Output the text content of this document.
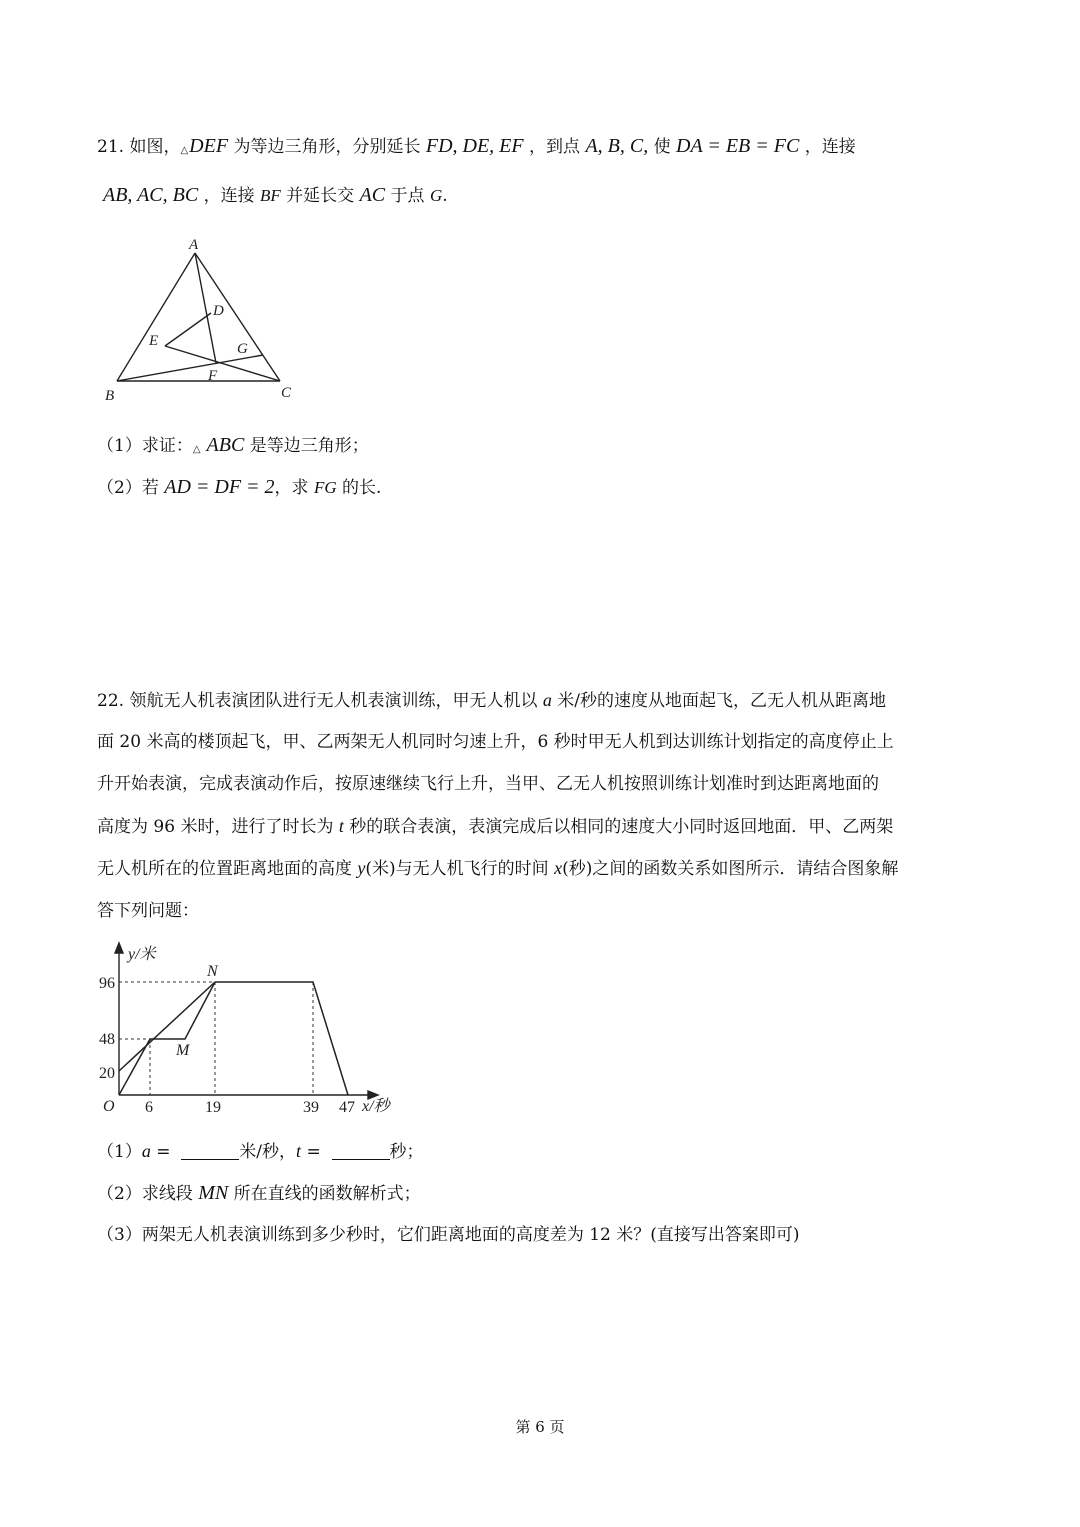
21. 如图，△DEF 为等边三角形，分别延长 FD, DE, EF ，到点 A, B, C, 使 DA = EB = FC ，连接
AB, AC, BC ，连接 BF 并延长交 AC 于点 G.
A
B	C
D
E
F
G
（1）求证：△ ABC 是等边三角形；
（2）若 AD = DF = 2，求 FG 的长.
22. 领航无人机表演团队进行无人机表演训练，甲无人机以 a 米/秒的速度从地面起飞，乙无人机从距离地
面 20 米高的楼顶起飞，甲、乙两架无人机同时匀速上升，6 秒时甲无人机到达训练计划指定的高度停止上
升开始表演，完成表演动作后，按原速继续飞行上升，当甲、乙无人机按照训练计划准时到达距离地面的
高度为 96 米时，进行了时长为 t 秒的联合表演，表演完成后以相同的速度大小同时返回地面．甲、乙两架
无人机所在的位置距离地面的高度 y(米)与无人机飞行的时间 x(秒)之间的函数关系如图所示．请结合图象解
答下列问题：
y/米
x/秒
O
96
48
20
6	19	39 47
N
M
（1）a =	米/秒，t =	秒；
（2）求线段 MN 所在直线的函数解析式；
（3）两架无人机表演训练到多少秒时，它们距离地面的高度差为 12 米？(直接写出答案即可)
第 6 页
